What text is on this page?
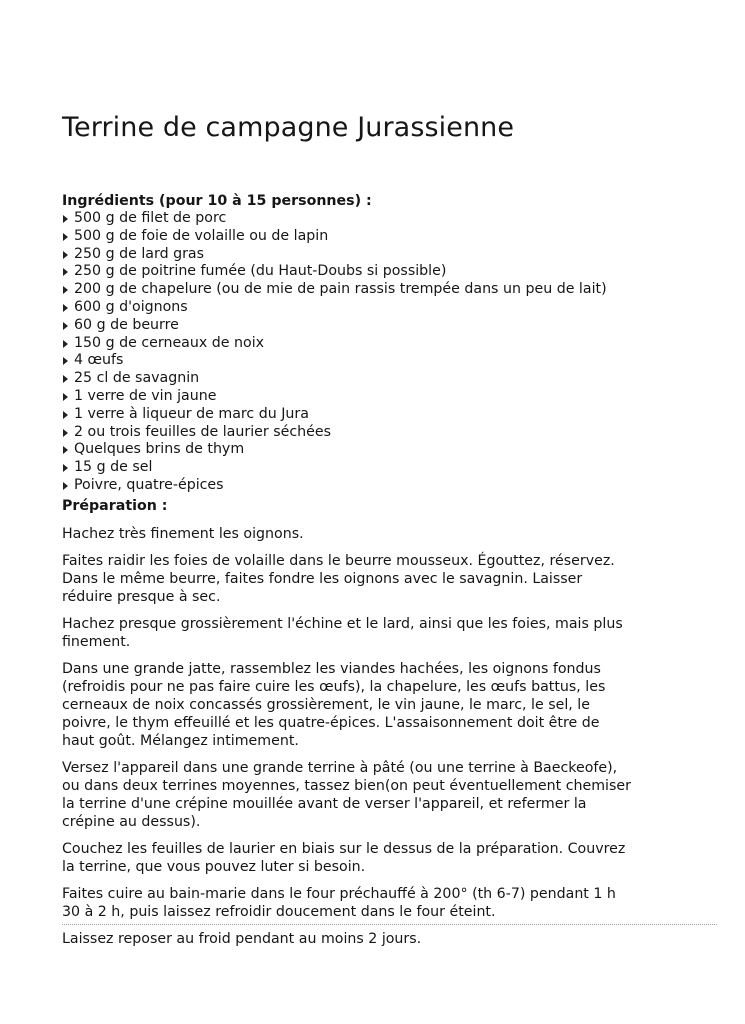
Terrine de campagne Jurassienne
Ingrédients (pour 10 à 15 personnes) :
500 g de filet de porc
500 g de foie de volaille ou de lapin
250 g de lard gras
250 g de poitrine fumée (du Haut-Doubs si possible)
200 g de chapelure (ou de mie de pain rassis trempée dans un peu de lait)
600 g d'oignons
60 g de beurre
150 g de cerneaux de noix
4 œufs
25 cl de savagnin
1 verre de vin jaune
1 verre à liqueur de marc du Jura
2 ou trois feuilles de laurier séchées
Quelques brins de thym
15 g de sel
Poivre, quatre-épices
Préparation :

Hachez très finement les oignons.

Faites raidir les foies de volaille dans le beurre mousseux. Égouttez, réservez.
Dans le même beurre, faites fondre les oignons avec le savagnin. Laisser
réduire presque à sec.

Hachez presque grossièrement l'échine et le lard, ainsi que les foies, mais plus
finement.

Dans une grande jatte, rassemblez les viandes hachées, les oignons fondus
(refroidis pour ne pas faire cuire les œufs), la chapelure, les œufs battus, les
cerneaux de noix concassés grossièrement, le vin jaune, le marc, le sel, le
poivre, le thym effeuillé et les quatre-épices. L'assaisonnement doit être de
haut goût. Mélangez intimement.

Versez l'appareil dans une grande terrine à pâté (ou une terrine à Baeckeofe),
ou dans deux terrines moyennes, tassez bien(on peut éventuellement chemiser
la terrine d'une crépine mouillée avant de verser l'appareil, et refermer la
crépine au dessus).

Couchez les feuilles de laurier en biais sur le dessus de la préparation. Couvrez
la terrine, que vous pouvez luter si besoin.

Faites cuire au bain-marie dans le four préchauffé à 200° (th 6-7) pendant 1 h
30 à 2 h, puis laissez refroidir doucement dans le four éteint.

Laissez reposer au froid pendant au moins 2 jours.
